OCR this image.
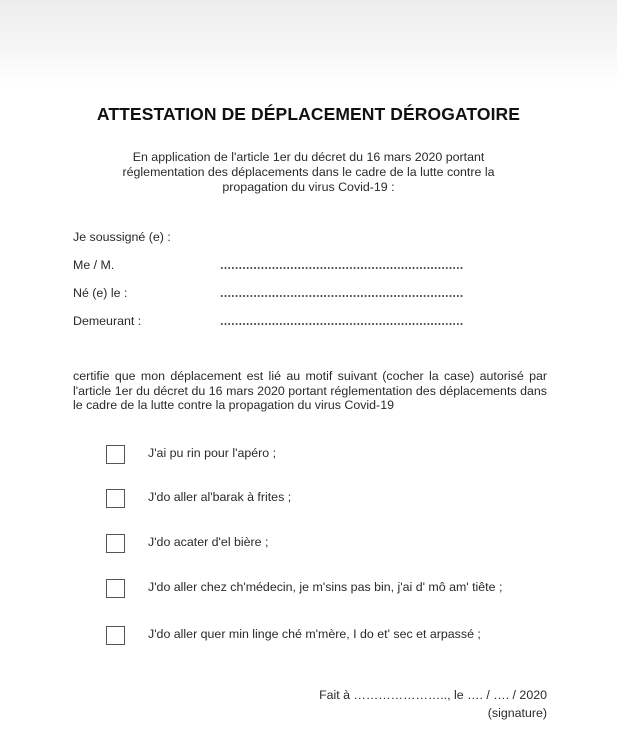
ATTESTATION DE DÉPLACEMENT DÉROGATOIRE
En application de l'article 1er du décret du 16 mars 2020 portant
réglementation des déplacements dans le cadre de la lutte contre la
propagation du virus Covid-19 :
Je soussigné (e) :
Me / M.
Né (e) le :
Demeurant :
certifie que mon déplacement est lié au motif suivant (cocher la case) autorisé par l'article 1er du décret du 16 mars 2020 portant réglementation des déplacements dans le cadre de la lutte contre la propagation du virus Covid-19
J'ai pu rin pour l'apéro ;
J'do aller al'barak à frites ;
J'do acater d'el bière ;
J'do aller chez ch'médecin, je m'sins pas bin, j'ai d' mô am' tiête ;
J'do aller quer min linge ché m'mère, I do et' sec et arpassé ;
Fait à ………………….., le …. / …. / 2020
(signature)
